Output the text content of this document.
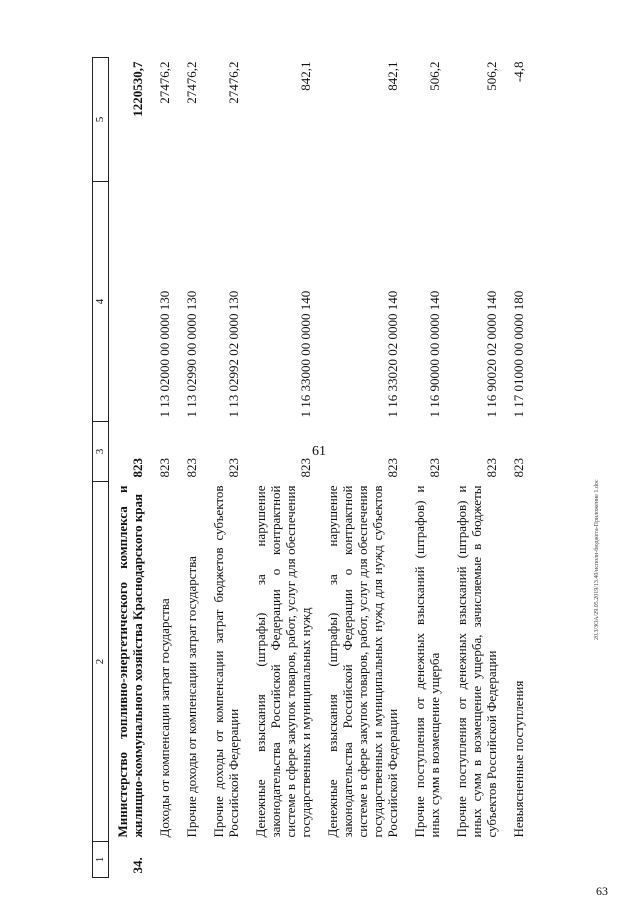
61
20.3/ЗОА/29.05.2019/13.40/исполн-бюджета-Приложение 1.doc
63
1	2	3	4	5
34.	Министерство топливно-энергетического комплекса и жилищно-коммунального хозяйства Краснодарского края	823		1220530,7
	Доходы от компенсации затрат государства	823	1 13 02000 00 0000 130	27476,2
	Прочие доходы от компенсации затрат государства	823	1 13 02990 00 0000 130	27476,2
	Прочие доходы от компенсации затрат бюджетов субъектов Российской Федерации	823	1 13 02992 02 0000 130	27476,2
	Денежные взыскания (штрафы) за нарушение законодательства Российской Федерации о контрактной системе в сфере закупок товаров, работ, услуг для обеспечения государственных и муниципальных нужд	823	1 16 33000 00 0000 140	842,1
	Денежные взыскания (штрафы) за нарушение законодательства Российской Федерации о контрактной системе в сфере закупок товаров, работ, услуг для обеспечения государственных и муниципальных нужд для нужд субъектов Российской Федерации	823	1 16 33020 02 0000 140	842,1
	Прочие поступления от денежных взысканий (штрафов) и иных сумм в возмещение ущерба	823	1 16 90000 00 0000 140	506,2
	Прочие поступления от денежных взысканий (штрафов) и иных сумм в возмещение ущерба, зачисляемые в бюджеты субъектов Российской Федерации	823	1 16 90020 02 0000 140	506,2
	Невыясненные поступления	823	1 17 01000 00 0000 180	-4,8
